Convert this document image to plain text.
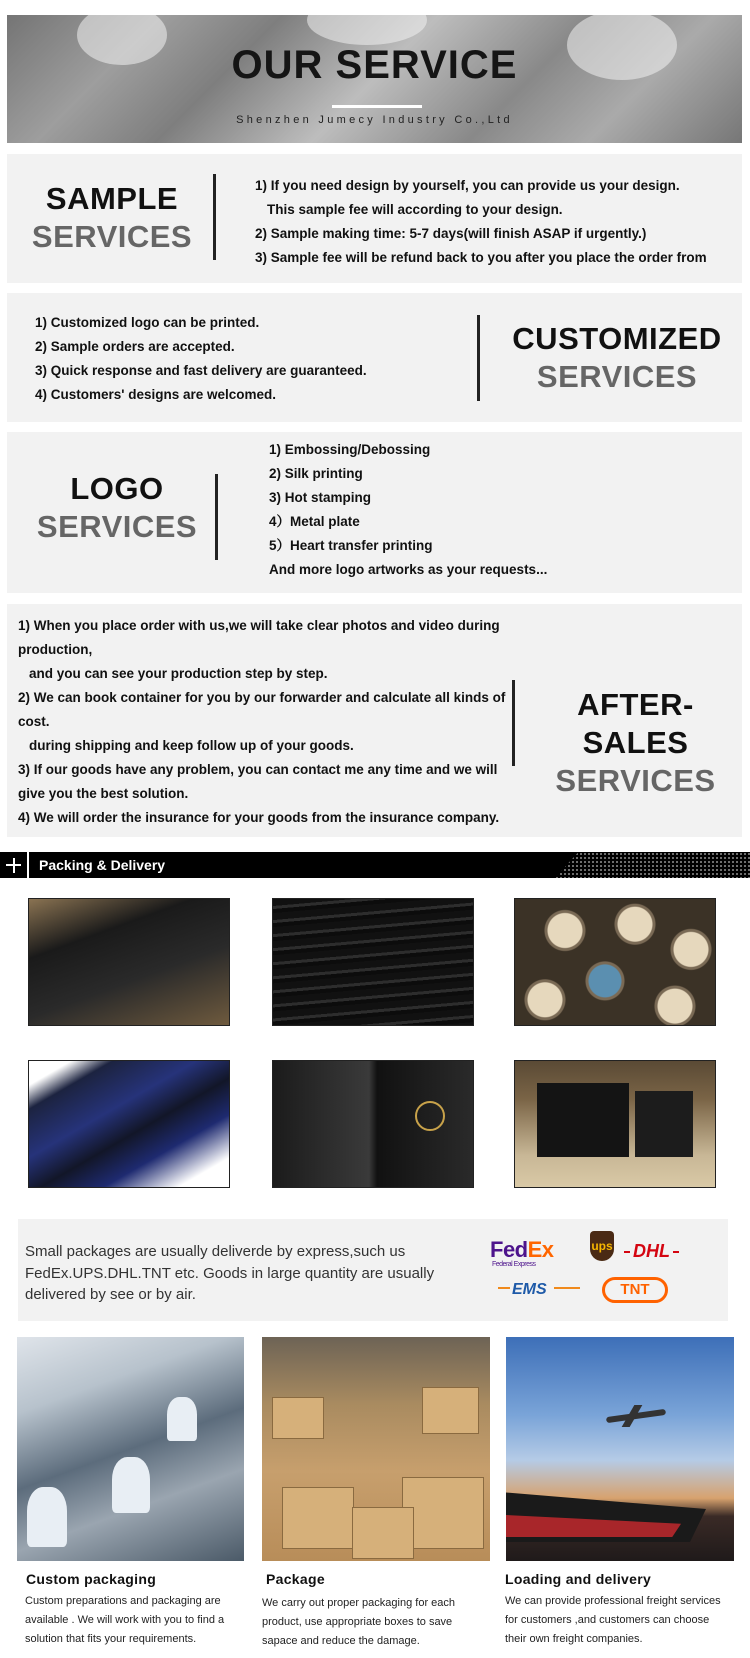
OUR SERVICE
Shenzhen Jumecy Industry Co.,Ltd
SAMPLE
SERVICES
1) If you need design by yourself, you can provide us your design.
This sample fee will according to your design.
2) Sample making time: 5-7 days(will finish ASAP if urgently.)
3) Sample fee will be refund back to you after you place the order from
1) Customized logo can be printed.
2) Sample orders are accepted.
3) Quick response and fast delivery are guaranteed.
4) Customers' designs are welcomed.
CUSTOMIZED
SERVICES
LOGO
SERVICES
1) Embossing/Debossing
2) Silk printing
3) Hot stamping
4）Metal plate
5）Heart transfer printing
And more logo artworks as your requests...
1) When you place order with us,we will take clear photos and video during
production,
and you can see your production step by step.
2) We can book container for you by our forwarder and calculate all kinds of
cost.
during shipping and keep follow up of your goods.
3) If our goods have any problem, you can contact me any time and we will
give you the best solution.
4) We will order the insurance for your goods from the insurance company.
AFTER-SALES
SERVICES
Packing & Delivery
Small packages are usually deliverde by express,such us FedEx.UPS.DHL.TNT etc. Goods in large quantity are usually delivered by see or by air.
FedEx
Federal Express
ups DHL
EMS	TNT
Custom packaging
Custom preparations and packaging are
available . We will work with you to find a
solution that fits your requirements.
Package
We carry out proper packaging for each
product, use appropriate boxes to save
sapace and reduce the damage.
Loading and delivery
We can provide professional freight services
for customers ,and customers can choose
their own freight companies.
